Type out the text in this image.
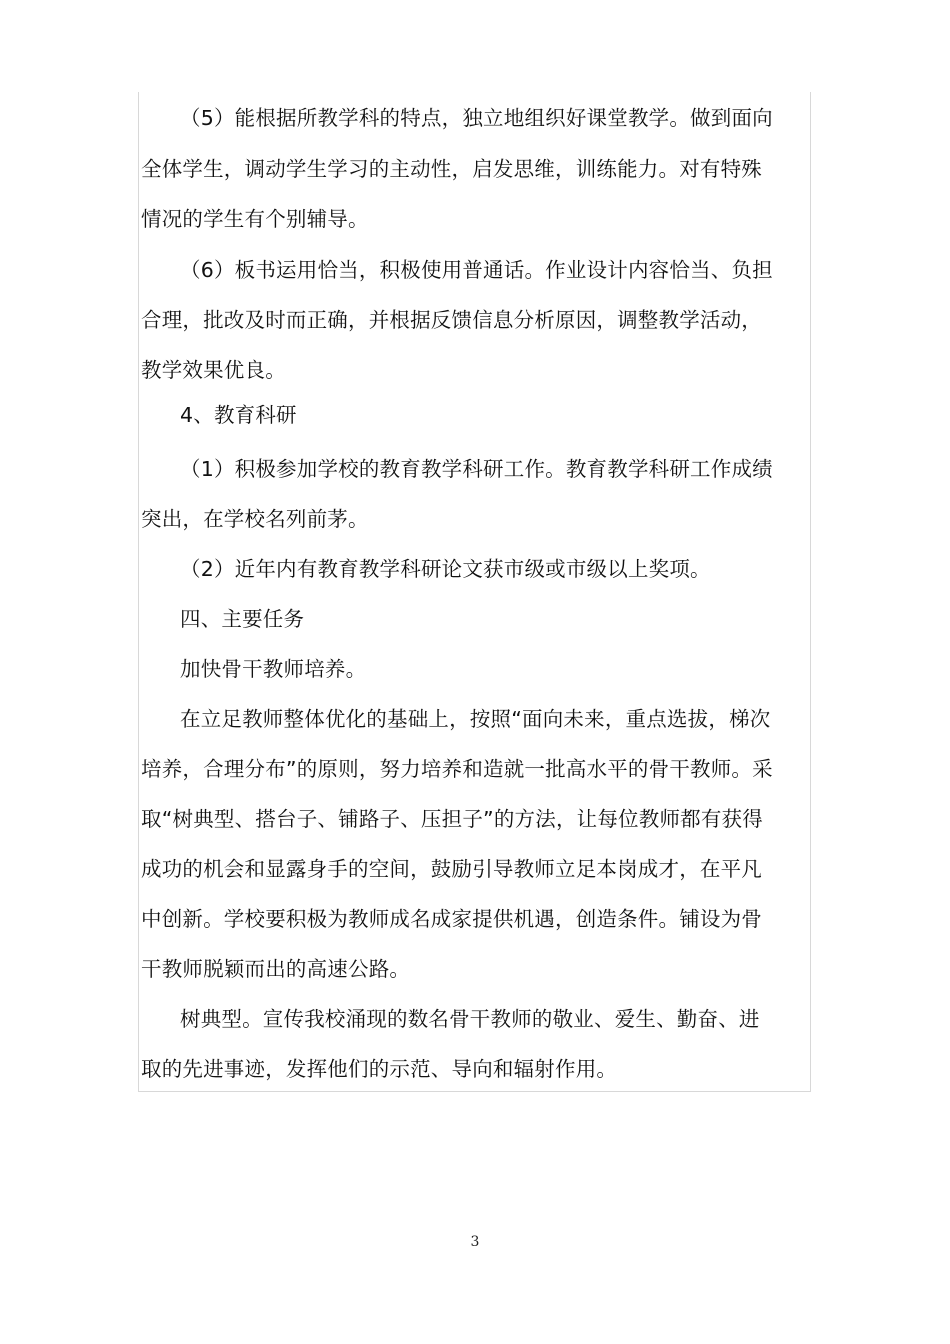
（5）能根据所教学科的特点，独立地组织好课堂教学。做到面向
全体学生，调动学生学习的主动性，启发思维，训练能力。对有特殊
情况的学生有个别辅导。
（6）板书运用恰当，积极使用普通话。作业设计内容恰当、负担
合理，批改及时而正确，并根据反馈信息分析原因，调整教学活动，
教学效果优良。
4、教育科研
（1）积极参加学校的教育教学科研工作。教育教学科研工作成绩
突出，在学校名列前茅。
（2）近年内有教育教学科研论文获市级或市级以上奖项。
四、主要任务
加快骨干教师培养。
在立足教师整体优化的基础上，按照“面向未来，重点选拔，梯次
培养，合理分布”的原则，努力培养和造就一批高水平的骨干教师。采
取“树典型、搭台子、铺路子、压担子”的方法，让每位教师都有获得
成功的机会和显露身手的空间，鼓励引导教师立足本岗成才，在平凡
中创新。学校要积极为教师成名成家提供机遇，创造条件。铺设为骨
干教师脱颖而出的高速公路。
树典型。宣传我校涌现的数名骨干教师的敬业、爱生、勤奋、进
取的先进事迹，发挥他们的示范、导向和辐射作用。
3
